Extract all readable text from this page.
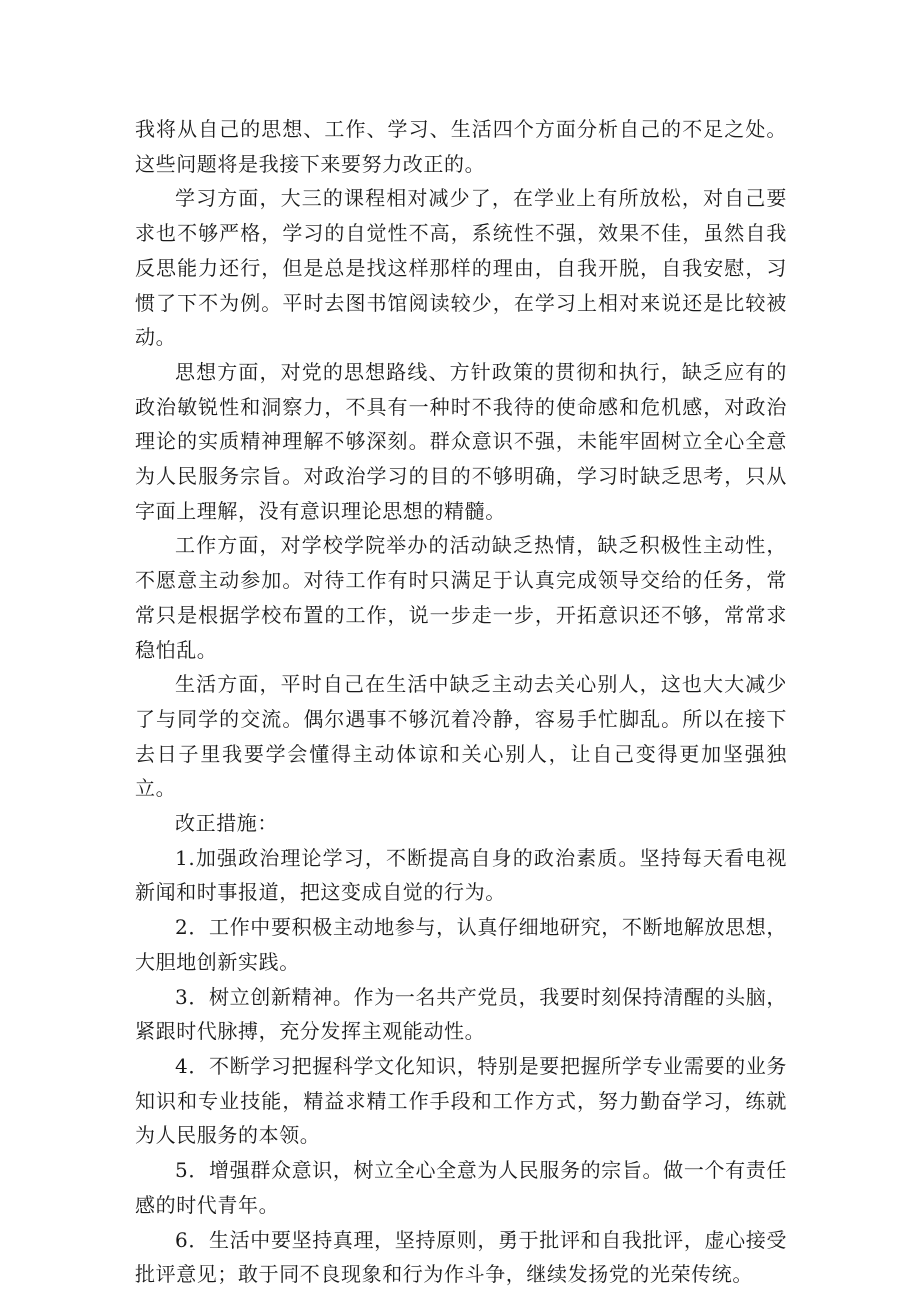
我将从自己的思想、工作、学习、生活四个方面分析自己的不足之处。这些问题将是我接下来要努力改正的。

学习方面，大三的课程相对减少了，在学业上有所放松，对自己要求也不够严格，学习的自觉性不高，系统性不强，效果不佳，虽然自我反思能力还行，但是总是找这样那样的理由，自我开脱，自我安慰，习惯了下不为例。平时去图书馆阅读较少，在学习上相对来说还是比较被动。

思想方面，对党的思想路线、方针政策的贯彻和执行，缺乏应有的政治敏锐性和洞察力，不具有一种时不我待的使命感和危机感，对政治理论的实质精神理解不够深刻。群众意识不强，未能牢固树立全心全意为人民服务宗旨。对政治学习的目的不够明确，学习时缺乏思考，只从字面上理解，没有意识理论思想的精髓。

工作方面，对学校学院举办的活动缺乏热情，缺乏积极性主动性，不愿意主动参加。对待工作有时只满足于认真完成领导交给的任务，常常只是根据学校布置的工作，说一步走一步，开拓意识还不够，常常求稳怕乱。

生活方面，平时自己在生活中缺乏主动去关心别人，这也大大减少了与同学的交流。偶尔遇事不够沉着冷静，容易手忙脚乱。所以在接下去日子里我要学会懂得主动体谅和关心别人，让自己变得更加坚强独立。

改正措施：

1.加强政治理论学习，不断提高自身的政治素质。坚持每天看电视新闻和时事报道，把这变成自觉的行为。

2．工作中要积极主动地参与，认真仔细地研究，不断地解放思想，大胆地创新实践。

3．树立创新精神。作为一名共产党员，我要时刻保持清醒的头脑，紧跟时代脉搏，充分发挥主观能动性。

4．不断学习把握科学文化知识，特别是要把握所学专业需要的业务知识和专业技能，精益求精工作手段和工作方式，努力勤奋学习，练就为人民服务的本领。

5．增强群众意识，树立全心全意为人民服务的宗旨。做一个有责任感的时代青年。

6．生活中要坚持真理，坚持原则，勇于批评和自我批评，虚心接受批评意见；敢于同不良现象和行为作斗争，继续发扬党的光荣传统。
